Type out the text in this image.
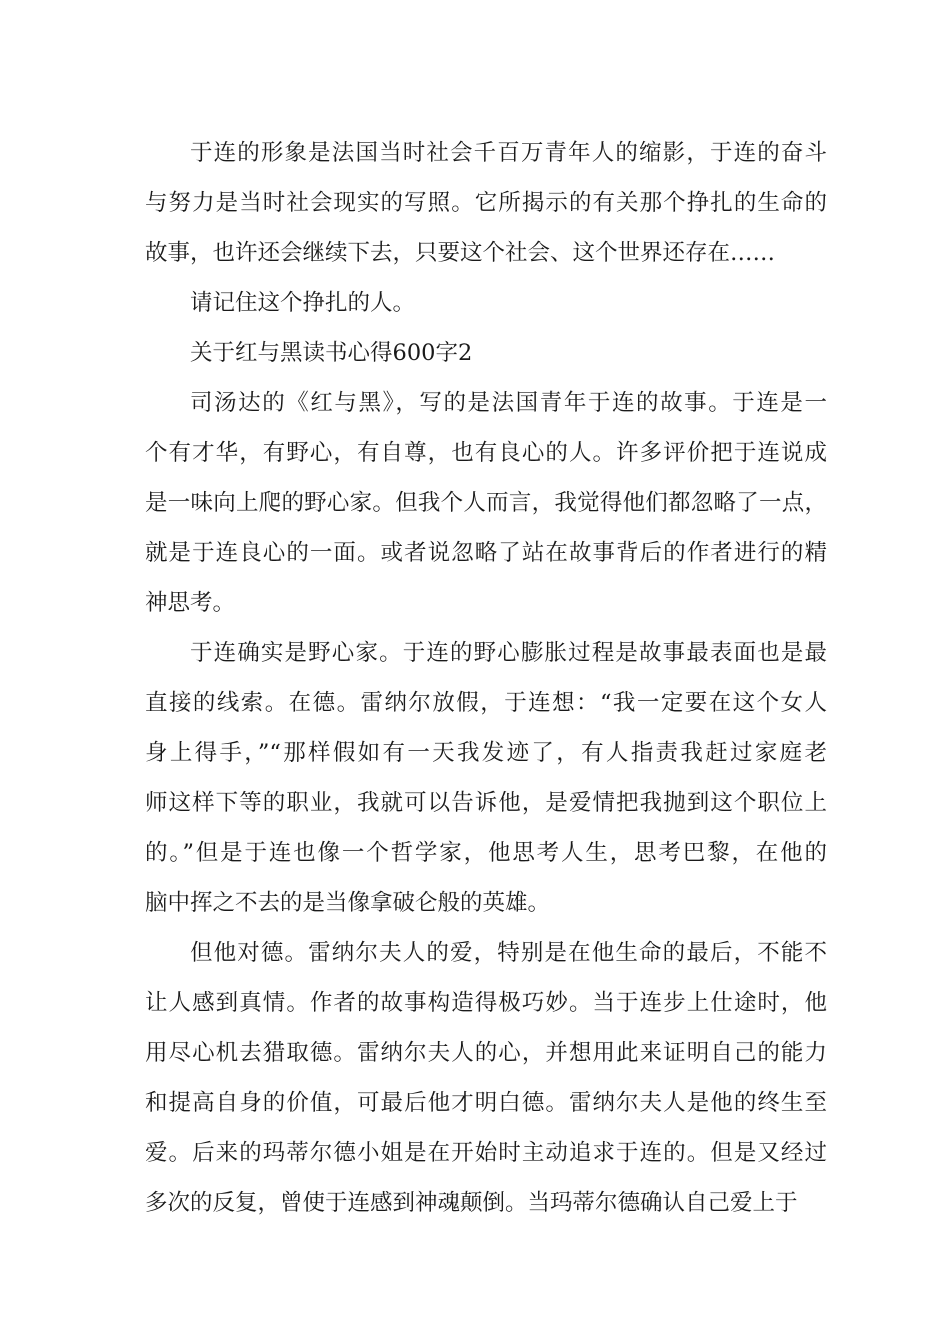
于连的形象是法国当时社会千百万青年人的缩影，于连的奋斗
与努力是当时社会现实的写照。它所揭示的有关那个挣扎的生命的
故事，也许还会继续下去，只要这个社会、这个世界还存在……
请记住这个挣扎的人。
关于红与黑读书心得600字2
司汤达的《红与黑》，写的是法国青年于连的故事。于连是一
个有才华，有野心，有自尊，也有良心的人。许多评价把于连说成
是一味向上爬的野心家。但我个人而言，我觉得他们都忽略了一点，
就是于连良心的一面。或者说忽略了站在故事背后的作者进行的精
神思考。
于连确实是野心家。于连的野心膨胀过程是故事最表面也是最
直接的线索。在德。雷纳尔放假，于连想：“我一定要在这个女人
身上得手，”“那样假如有一天我发迹了，有人指责我赶过家庭老
师这样下等的职业，我就可以告诉他，是爱情把我抛到这个职位上
的。”但是于连也像一个哲学家，他思考人生，思考巴黎，在他的
脑中挥之不去的是当像拿破仑般的英雄。
但他对德。雷纳尔夫人的爱，特别是在他生命的最后，不能不
让人感到真情。作者的故事构造得极巧妙。当于连步上仕途时，他
用尽心机去猎取德。雷纳尔夫人的心，并想用此来证明自己的能力
和提高自身的价值，可最后他才明白德。雷纳尔夫人是他的终生至
爱。后来的玛蒂尔德小姐是在开始时主动追求于连的。但是又经过
多次的反复，曾使于连感到神魂颠倒。当玛蒂尔德确认自己爱上于
